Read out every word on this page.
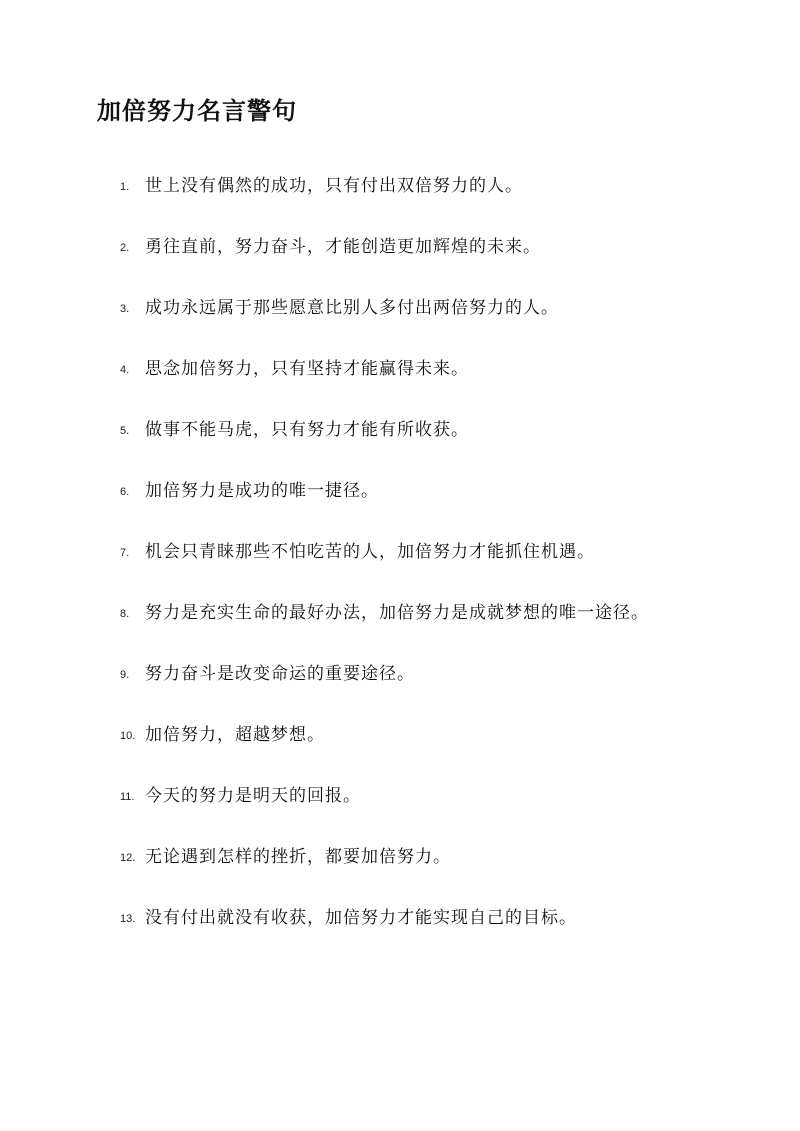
加倍努力名言警句
1. 世上没有偶然的成功，只有付出双倍努力的人。
2. 勇往直前，努力奋斗，才能创造更加辉煌的未来。
3. 成功永远属于那些愿意比别人多付出两倍努力的人。
4. 思念加倍努力，只有坚持才能赢得未来。
5. 做事不能马虎，只有努力才能有所收获。
6. 加倍努力是成功的唯一捷径。
7. 机会只青睐那些不怕吃苦的人，加倍努力才能抓住机遇。
8. 努力是充实生命的最好办法，加倍努力是成就梦想的唯一途径。
9. 努力奋斗是改变命运的重要途径。
10. 加倍努力，超越梦想。
11. 今天的努力是明天的回报。
12. 无论遇到怎样的挫折，都要加倍努力。
13. 没有付出就没有收获，加倍努力才能实现自己的目标。
